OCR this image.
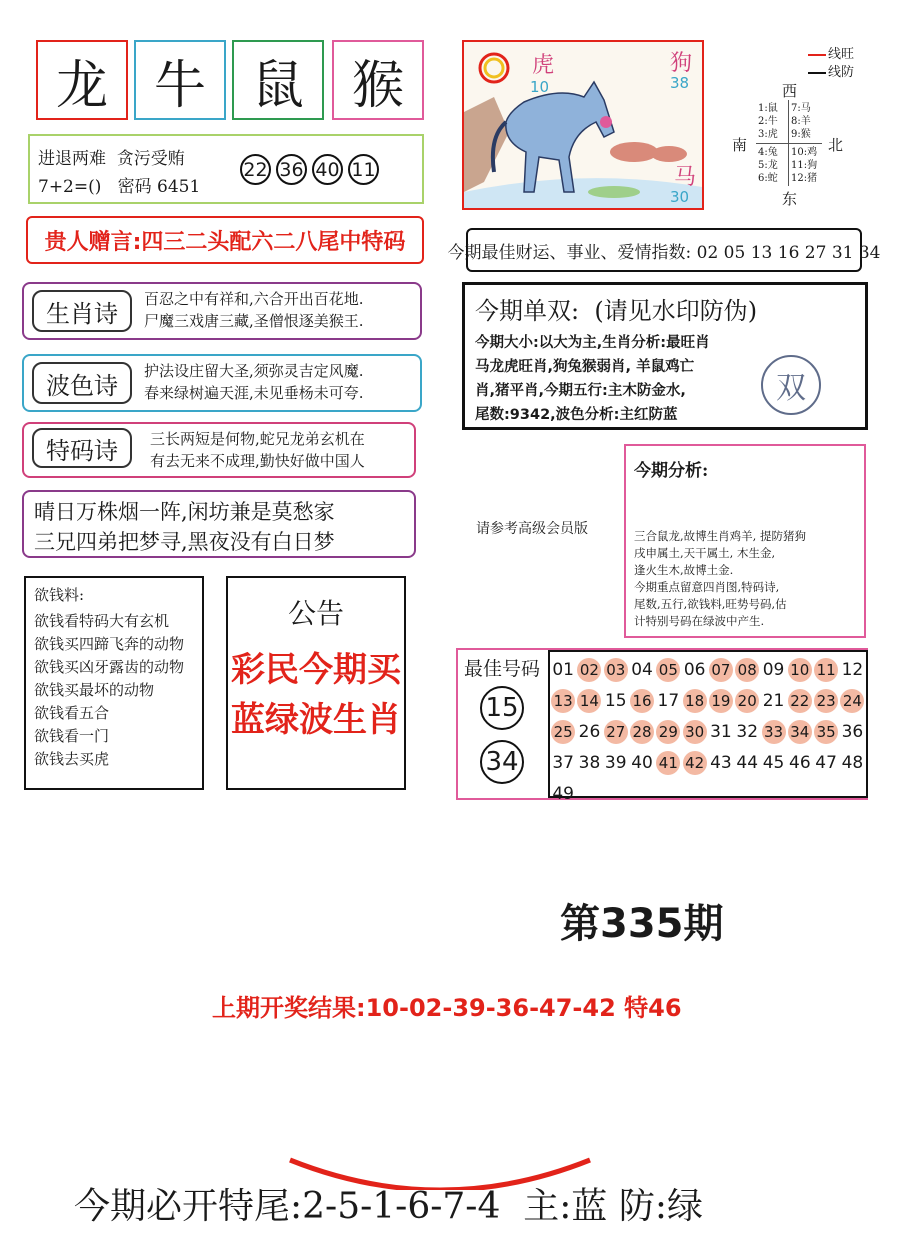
龙 牛 鼠 猴
进退两难  贪污受贿
7+2=()   密码 6451
22 36 40 11
贵人赠言:四三二头配六二八尾中特码
生肖诗
百忍之中有祥和,六合开出百花地.
尸魔三戏唐三藏,圣僧恨逐美猴王.
波色诗
护法设庄留大圣,须弥灵吉定风魔.
春来绿树遍天涯,未见垂杨未可夸.
特码诗	三长两短是何物,蛇兄龙弟玄机在
有去无来不成理,勤快好做中国人
晴日万株烟一阵,闲坊兼是莫愁家
三兄四弟把梦寻,黑夜没有白日梦
欲钱料:
欲钱看特码大有玄机
欲钱买四蹄飞奔的动物
欲钱买凶牙露齿的动物
欲钱买最坏的动物
欲钱看五合
欲钱看一门
欲钱去买虎
公告
彩民今期买
蓝绿波生肖
虎
10
狗
38
马
30
线旺
线防
西
南	北
东
1:鼠
2:牛
3:虎
7:马
8:羊
9:猴
4:兔
5:龙
6:蛇
10:鸡
11:狗
12:猪
今期最佳财运、事业、爱情指数: 02 05 13 16 27 31 34
今期单双:  (请见水印防伪)
双
今期大小:以大为主,生肖分析:最旺肖
马龙虎旺肖,狗兔猴弱肖, 羊鼠鸡亡
肖,猪平肖,今期五行:主木防金水,
尾数:9342,波色分析:主红防蓝
请参考高级会员版
今期分析:
三合鼠龙,故博生肖鸡羊, 提防猪狗
戌申属土,天干属土, 木生金,
逢火生木,故博土金.
今期重点留意四肖图,特码诗,
尾数,五行,欲钱料,旺势号码,估
计特别号码在绿波中产生.
最佳号码
15
34
01 02 03 04 05 06 07 08 09 10 11 12
13 14 15 16 17 18 19 20 21 22 23 24
25 26 27 28 29 30 31 32 33 34 35 36
37 38 39 40 41 42 43 44 45 46 47 48
49
第335期
上期开奖结果:10-02-39-36-47-42 特46
今期必开特尾:2-5-1-6-7-4  主:蓝 防:绿
